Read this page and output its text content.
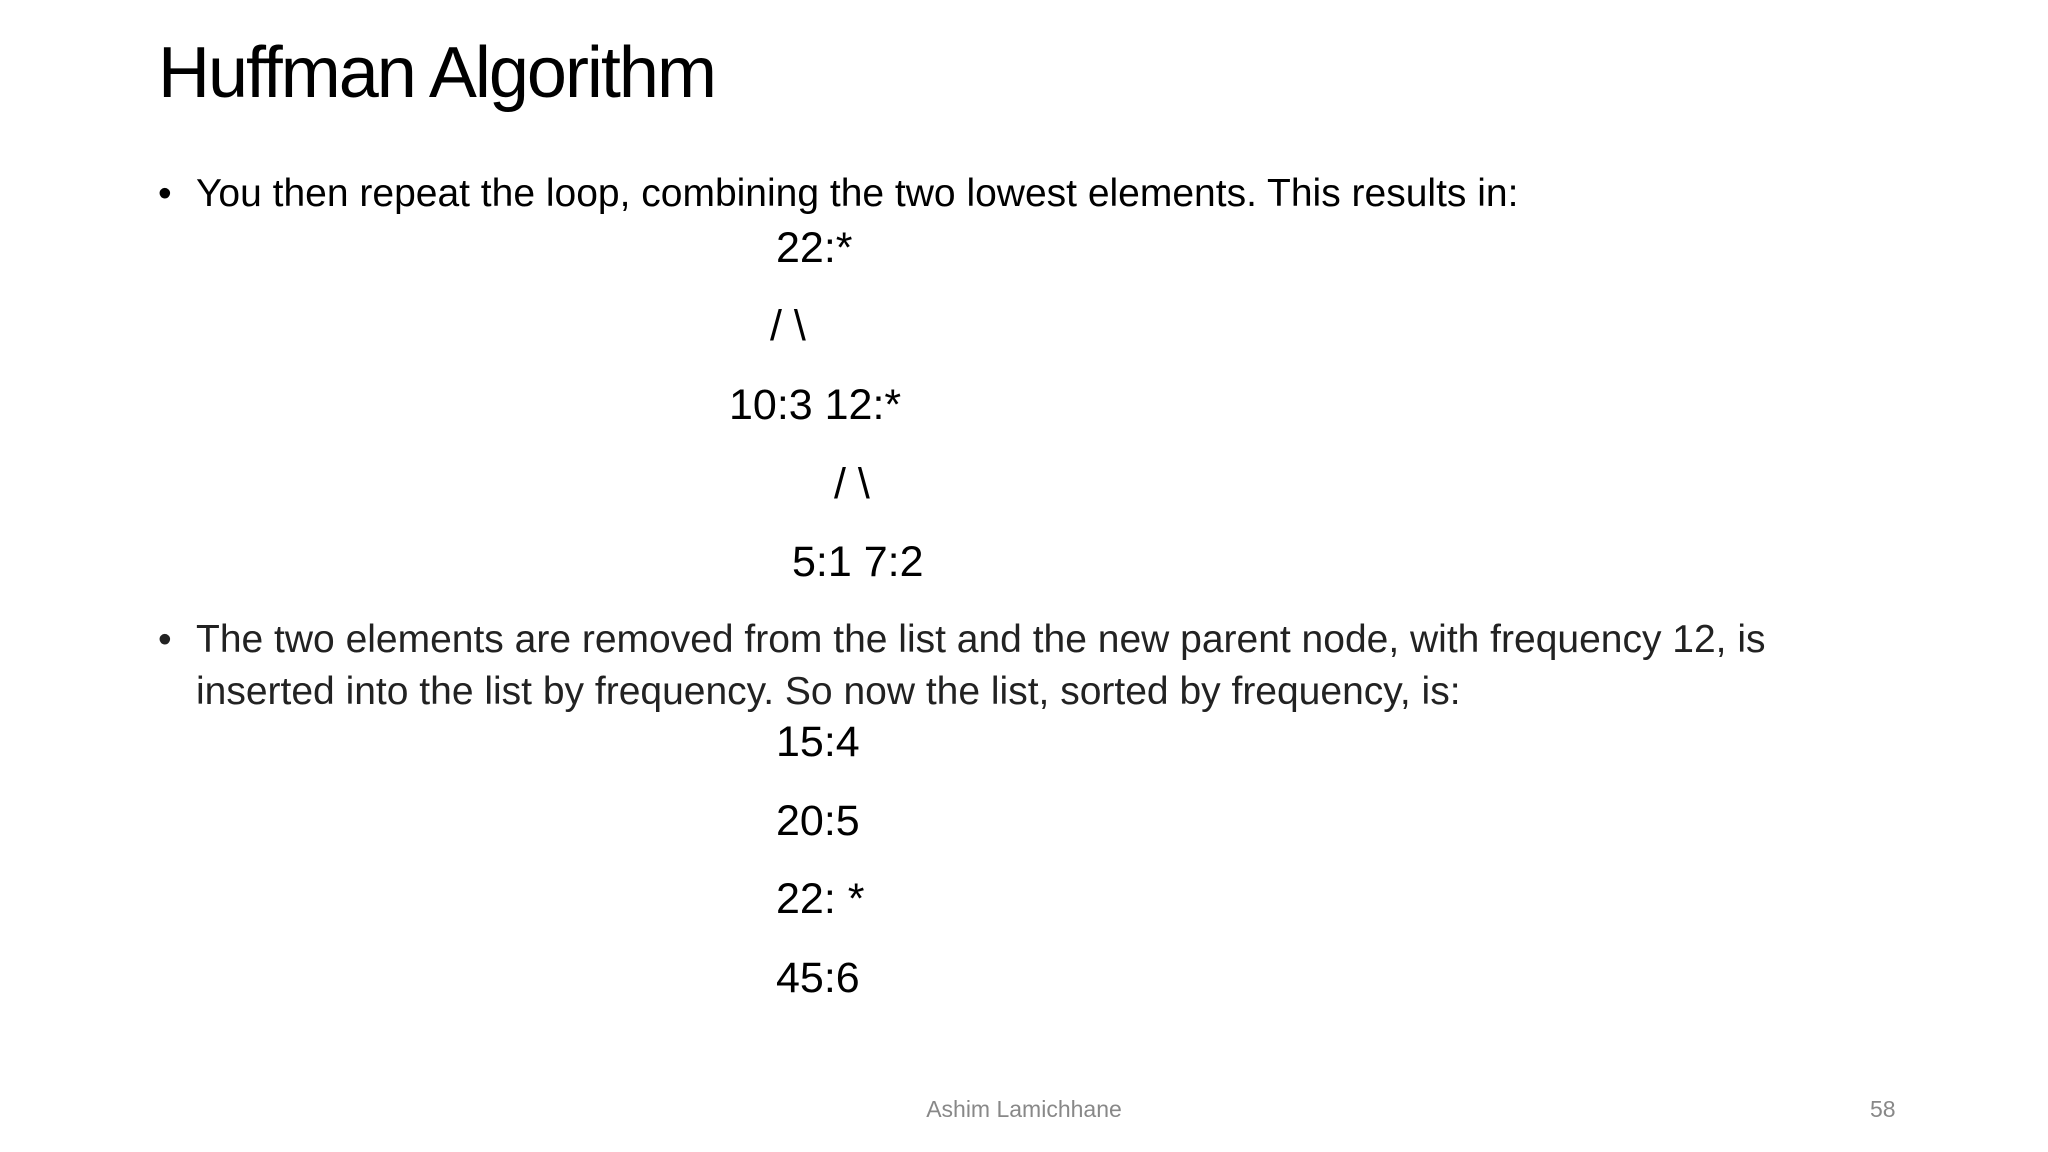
Huffman Algorithm
• You then repeat the loop, combining the two lowest elements. This results in:
22:*
/ \
10:3 12:*
/ \
5:1 7:2
• The two elements are removed from the list and the new parent node, with frequency 12, is
inserted into the list by frequency. So now the list, sorted by frequency, is:
15:4
20:5
22: *
45:6
Ashim Lamichhane	58
